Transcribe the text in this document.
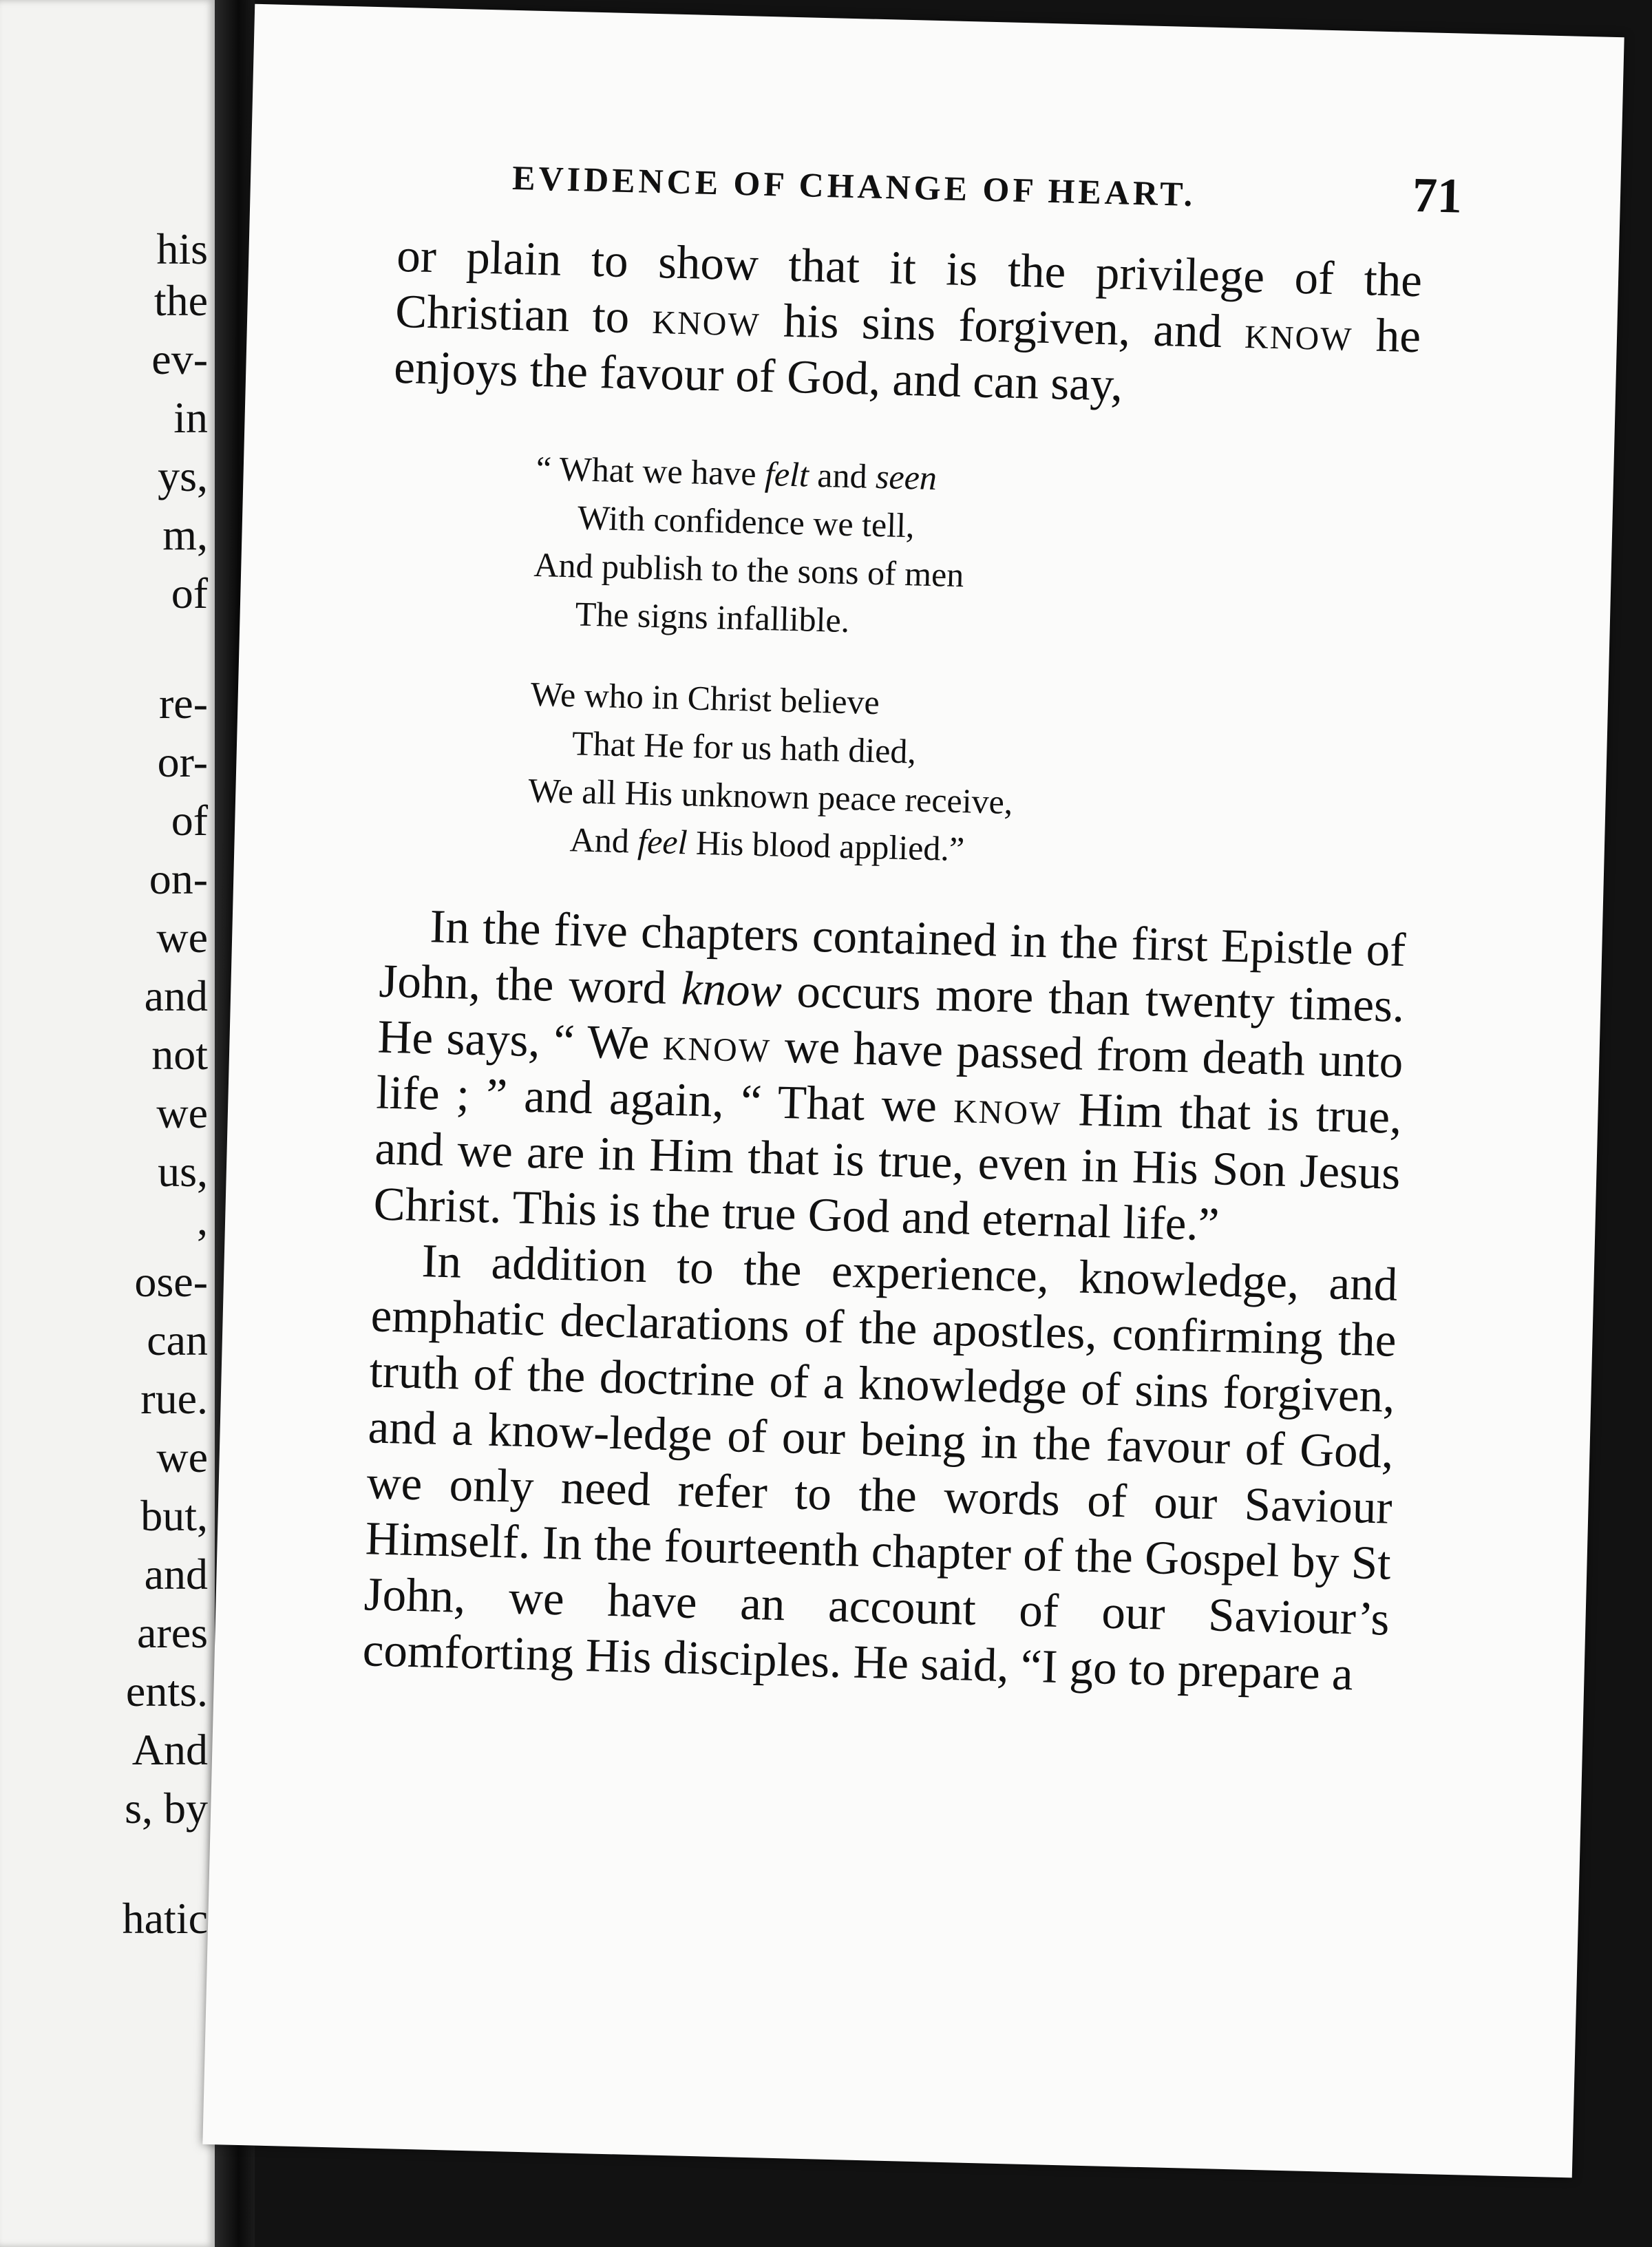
his
the
ev-
in
ys,
m,
of
re-
or-
of
on-
we
and
not
we
us,
,
ose-
can
rue.
we
but,
and
ares
ents.
And
s, by
hatic
EVIDENCE OF CHANGE OF HEART.	71

or plain to show that it is the privilege of the Christian to know his sins forgiven, and know he enjoys the favour of God, and can say,

“ What we have felt and seen
With confidence we tell,
And publish to the sons of men
The signs infallible.
We who in Christ believe
That He for us hath died,
We all His unknown peace receive,
And feel His blood applied.”

In the five chapters contained in the first Epistle of John, the word know occurs more than twenty times. He says, “ We know we have passed from death unto life ; ” and again, “ That we know Him that is true, and we are in Him that is true, even in His Son Jesus Christ. This is the true God and eternal life.”

In addition to the experience, knowledge, and emphatic declarations of the apostles, confirming the truth of the doctrine of a knowledge of sins forgiven, and a know-ledge of our being in the favour of God, we only need refer to the words of our Saviour Himself. In the fourteenth chapter of the Gospel by St John, we have an account of our Saviour’s comforting His disciples. He said, “I go to prepare a
